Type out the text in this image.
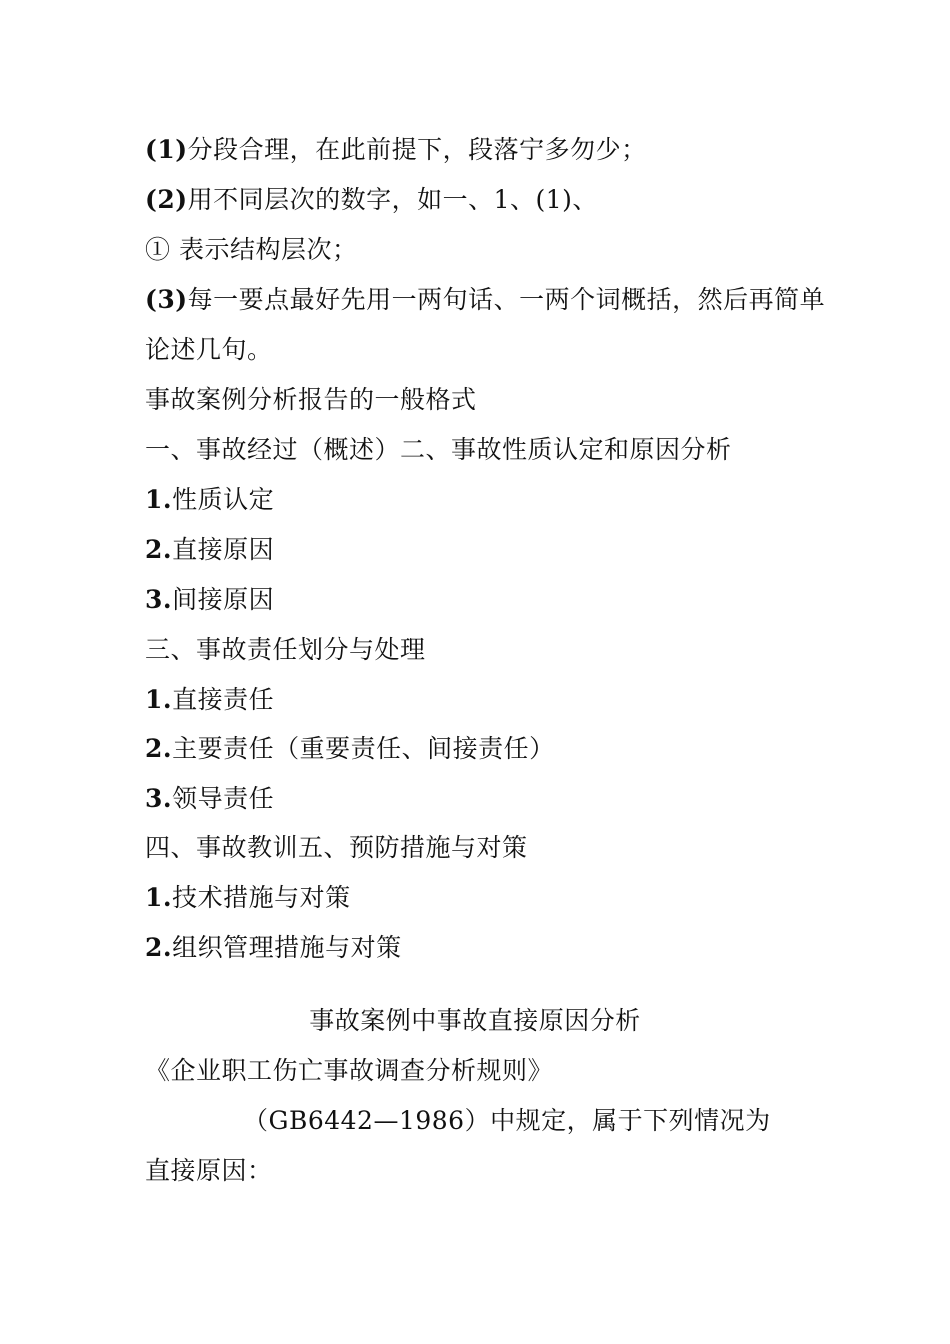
(1)分段合理，在此前提下，段落宁多勿少；
(2)用不同层次的数字，如一、1、(1)、
① 表示结构层次；
(3)每一要点最好先用一两句话、一两个词概括，然后再简单
论述几句。
事故案例分析报告的一般格式
一、事故经过（概述）二、事故性质认定和原因分析
1.性质认定
2.直接原因
3.间接原因
三、事故责任划分与处理
1.直接责任
2.主要责任（重要责任、间接责任）
3.领导责任
四、事故教训五、预防措施与对策
1.技术措施与对策
2.组织管理措施与对策
事故案例中事故直接原因分析
《企业职工伤亡事故调查分析规则》
（GB6442—1986）中规定，属于下列情况为
直接原因：
